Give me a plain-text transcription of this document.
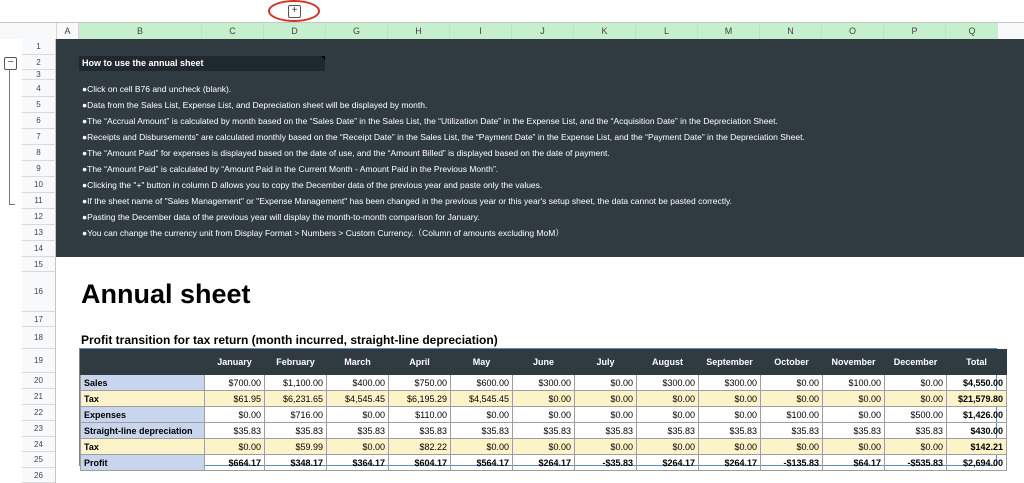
+
A	B	C	D	G	H	I	J	K	L	M	N	O	P	Q
1
2
3
4
5
6
7
8
9
10
11
12
13
14
15
16
17
18
19
20
21
22
23
24
25
26
−	How to use the annual sheet
●Click on cell B76 and uncheck (blank).
●Data from the Sales List, Expense List, and Depreciation sheet will be displayed by month.
●The “Accrual Amount” is calculated by month based on the “Sales Date” in the Sales List, the “Utilization Date” in the Expense List, and the “Acquisition Date” in the Depreciation Sheet.
●Receipts and Disbursements” are calculated monthly based on the “Receipt Date” in the Sales List, the “Payment Date” in the Expense List, and the “Payment Date” in the Depreciation Sheet.
●The “Amount Paid” for expenses is displayed based on the date of use, and the “Amount Billed” is displayed based on the date of payment.
●The “Amount Paid” is calculated by “Amount Paid in the Current Month - Amount Paid in the Previous Month”.
●Clicking the "+" button in column D allows you to copy the December data of the previous year and paste only the values.
●If the sheet name of "Sales Management" or "Expense Management" has been changed in the previous year or this year's setup sheet, the data cannot be pasted correctly.
●Pasting the December data of the previous year will display the month-to-month comparison for January.
●You can change the currency unit from Display Format > Numbers > Custom Currency.（Column of amounts excluding MoM）
Annual sheet
Profit transition for tax return (month incurred, straight-line depreciation)
	January	February	March	April	May	June	July	August	September	October	November	December	Total
Sales	$700.00	$1,100.00	$400.00	$750.00	$600.00	$300.00	$0.00	$300.00	$300.00	$0.00	$100.00	$0.00	$4,550.00
Tax	$61.95	$6,231.65	$4,545.45	$6,195.29	$4,545.45	$0.00	$0.00	$0.00	$0.00	$0.00	$0.00	$0.00	$21,579.80
Expenses	$0.00	$716.00	$0.00	$110.00	$0.00	$0.00	$0.00	$0.00	$0.00	$100.00	$0.00	$500.00	$1,426.00
Straight-line depreciation	$35.83	$35.83	$35.83	$35.83	$35.83	$35.83	$35.83	$35.83	$35.83	$35.83	$35.83	$35.83	$430.00
Tax	$0.00	$59.99	$0.00	$82.22	$0.00	$0.00	$0.00	$0.00	$0.00	$0.00	$0.00	$0.00	$142.21
Profit	$664.17	$348.17	$364.17	$604.17	$564.17	$264.17	-$35.83	$264.17	$264.17	-$135.83	$64.17	-$535.83	$2,694.00
